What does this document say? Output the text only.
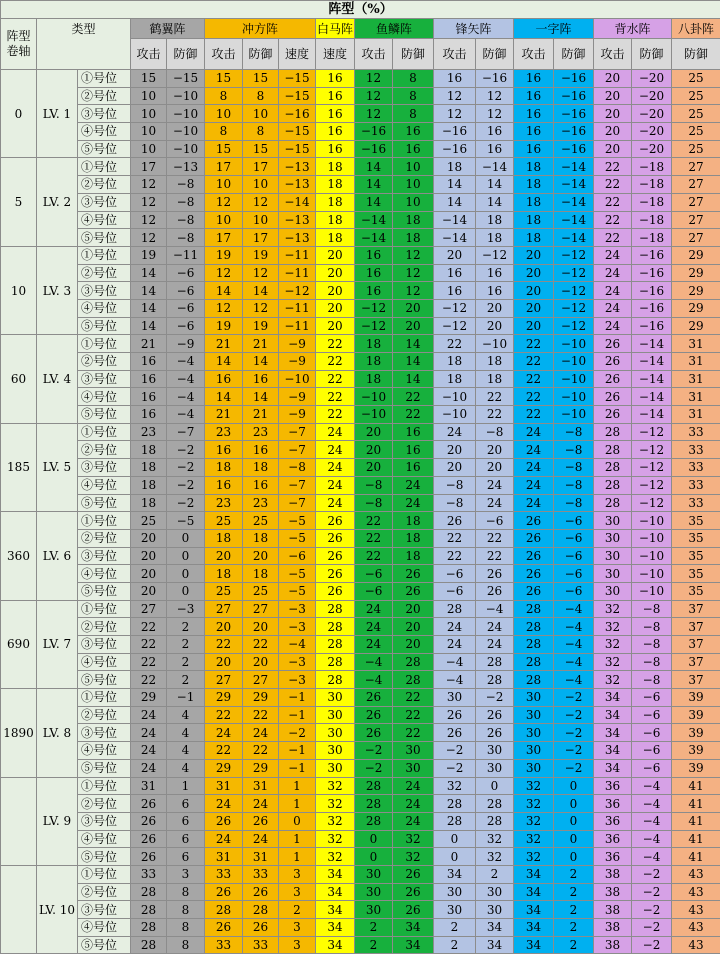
阵型（%）																	
阵型
卷轴	类型		鹤翼阵		冲方阵			白马阵	鱼鳞阵		锋矢阵		一字阵		背水阵		八卦阵
			攻击	防御	攻击	防御	速度	速度	攻击	防御	攻击	防御	攻击	防御	攻击	防御	防御
0	LV. 1	①号位	15	−15	15	15	−15	16	12	8	16	−16	16	−16	20	−20	25
		②号位	10	−10	8	8	−15	16	12	8	12	12	16	−16	20	−20	25
		③号位	10	−10	10	10	−16	16	12	8	12	12	16	−16	20	−20	25
		④号位	10	−10	8	8	−15	16	−16	16	−16	16	16	−16	20	−20	25
		⑤号位	10	−10	15	15	−15	16	−16	16	−16	16	16	−16	20	−20	25
5	LV. 2	①号位	17	−13	17	17	−13	18	14	10	18	−14	18	−14	22	−18	27
		②号位	12	−8	10	10	−13	18	14	10	14	14	18	−14	22	−18	27
		③号位	12	−8	12	12	−14	18	14	10	14	14	18	−14	22	−18	27
		④号位	12	−8	10	10	−13	18	−14	18	−14	18	18	−14	22	−18	27
		⑤号位	12	−8	17	17	−13	18	−14	18	−14	18	18	−14	22	−18	27
10	LV. 3	①号位	19	−11	19	19	−11	20	16	12	20	−12	20	−12	24	−16	29
		②号位	14	−6	12	12	−11	20	16	12	16	16	20	−12	24	−16	29
		③号位	14	−6	14	14	−12	20	16	12	16	16	20	−12	24	−16	29
		④号位	14	−6	12	12	−11	20	−12	20	−12	20	20	−12	24	−16	29
		⑤号位	14	−6	19	19	−11	20	−12	20	−12	20	20	−12	24	−16	29
60	LV. 4	①号位	21	−9	21	21	−9	22	18	14	22	−10	22	−10	26	−14	31
		②号位	16	−4	14	14	−9	22	18	14	18	18	22	−10	26	−14	31
		③号位	16	−4	16	16	−10	22	18	14	18	18	22	−10	26	−14	31
		④号位	16	−4	14	14	−9	22	−10	22	−10	22	22	−10	26	−14	31
		⑤号位	16	−4	21	21	−9	22	−10	22	−10	22	22	−10	26	−14	31
185	LV. 5	①号位	23	−7	23	23	−7	24	20	16	24	−8	24	−8	28	−12	33
		②号位	18	−2	16	16	−7	24	20	16	20	20	24	−8	28	−12	33
		③号位	18	−2	18	18	−8	24	20	16	20	20	24	−8	28	−12	33
		④号位	18	−2	16	16	−7	24	−8	24	−8	24	24	−8	28	−12	33
		⑤号位	18	−2	23	23	−7	24	−8	24	−8	24	24	−8	28	−12	33
360	LV. 6	①号位	25	−5	25	25	−5	26	22	18	26	−6	26	−6	30	−10	35
		②号位	20	0	18	18	−5	26	22	18	22	22	26	−6	30	−10	35
		③号位	20	0	20	20	−6	26	22	18	22	22	26	−6	30	−10	35
		④号位	20	0	18	18	−5	26	−6	26	−6	26	26	−6	30	−10	35
		⑤号位	20	0	25	25	−5	26	−6	26	−6	26	26	−6	30	−10	35
690	LV. 7	①号位	27	−3	27	27	−3	28	24	20	28	−4	28	−4	32	−8	37
		②号位	22	2	20	20	−3	28	24	20	24	24	28	−4	32	−8	37
		③号位	22	2	22	22	−4	28	24	20	24	24	28	−4	32	−8	37
		④号位	22	2	20	20	−3	28	−4	28	−4	28	28	−4	32	−8	37
		⑤号位	22	2	27	27	−3	28	−4	28	−4	28	28	−4	32	−8	37
1890	LV. 8	①号位	29	−1	29	29	−1	30	26	22	30	−2	30	−2	34	−6	39
		②号位	24	4	22	22	−1	30	26	22	26	26	30	−2	34	−6	39
		③号位	24	4	24	24	−2	30	26	22	26	26	30	−2	34	−6	39
		④号位	24	4	22	22	−1	30	−2	30	−2	30	30	−2	34	−6	39
		⑤号位	24	4	29	29	−1	30	−2	30	−2	30	30	−2	34	−6	39
	LV. 9	①号位	31	1	31	31	1	32	28	24	32	0	32	0	36	−4	41
		②号位	26	6	24	24	1	32	28	24	28	28	32	0	36	−4	41
		③号位	26	6	26	26	0	32	28	24	28	28	32	0	36	−4	41
		④号位	26	6	24	24	1	32	0	32	0	32	32	0	36	−4	41
		⑤号位	26	6	31	31	1	32	0	32	0	32	32	0	36	−4	41
	LV. 10	①号位	33	3	33	33	3	34	30	26	34	2	34	2	38	−2	43
		②号位	28	8	26	26	3	34	30	26	30	30	34	2	38	−2	43
		③号位	28	8	28	28	2	34	30	26	30	30	34	2	38	−2	43
		④号位	28	8	26	26	3	34	2	34	2	34	34	2	38	−2	43
		⑤号位	28	8	33	33	3	34	2	34	2	34	34	2	38	−2	43
